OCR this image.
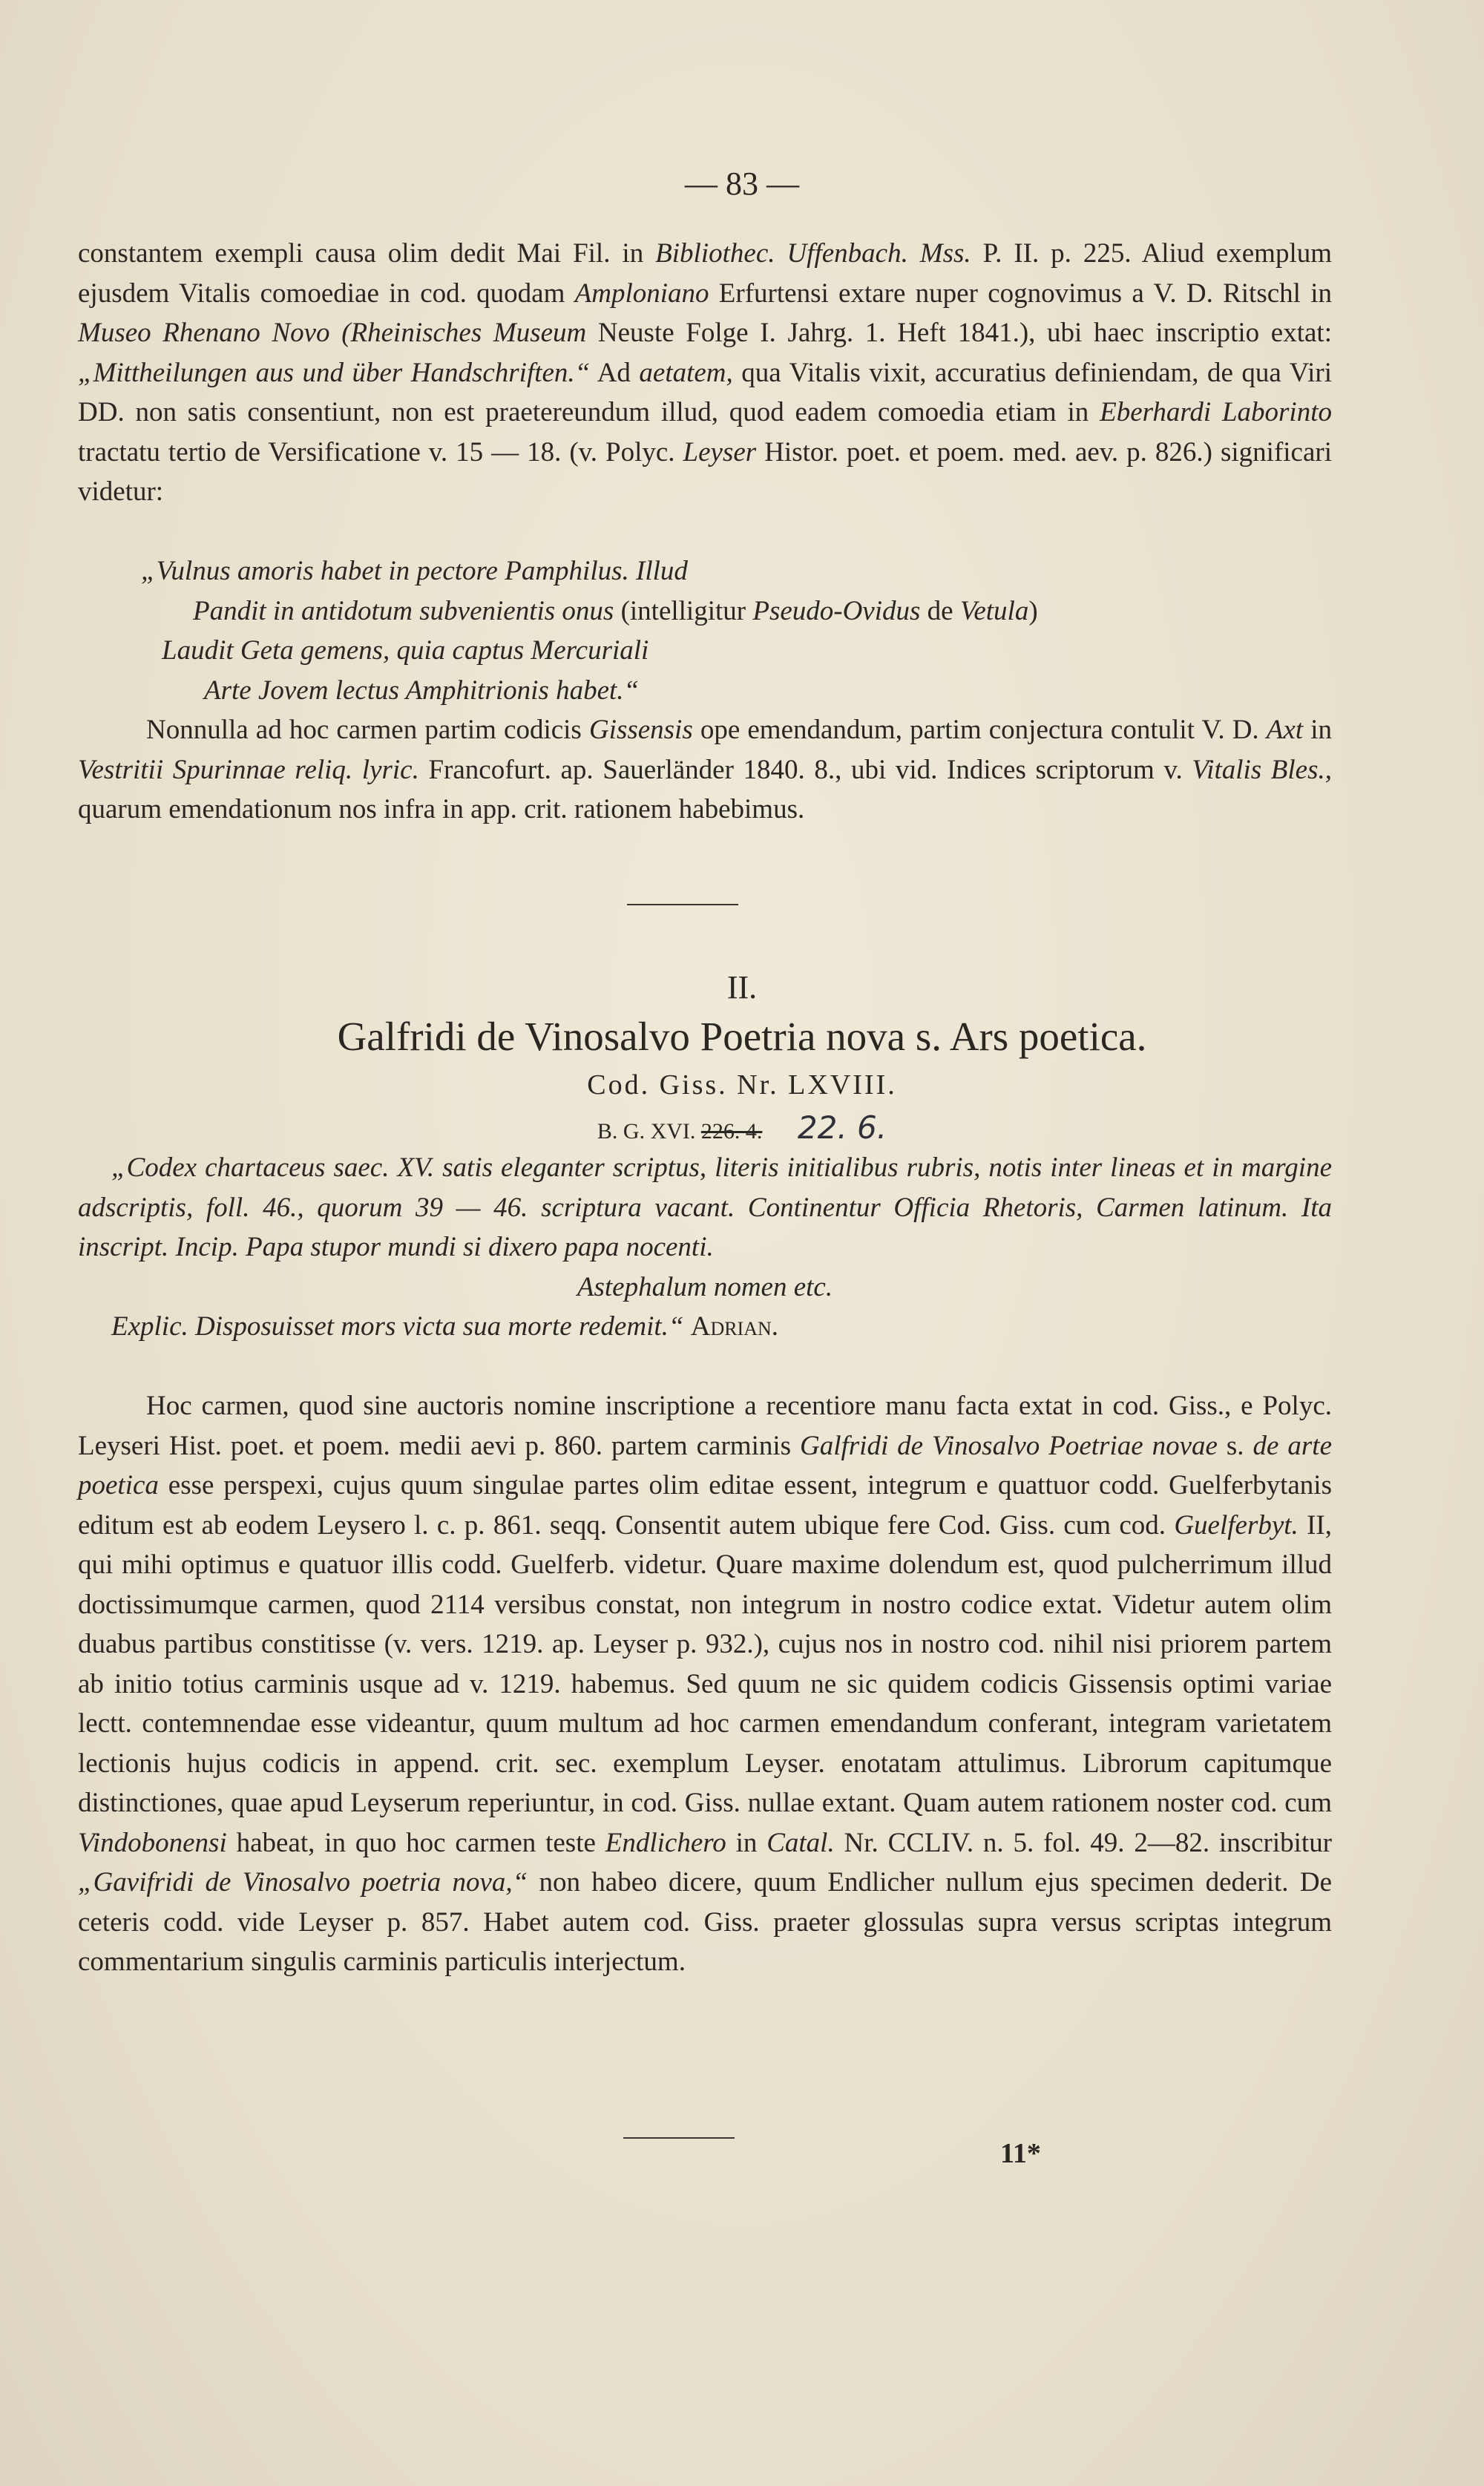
— 83 —

constantem exempli causa olim dedit Mai Fil. in Bibliothec. Uffenbach. Mss. P. II. p. 225. Aliud exemplum ejusdem Vitalis comoediae in cod. quodam Amploniano Erfurtensi extare nuper cognovimus a V. D. Ritschl in Museo Rhenano Novo (Rheinisches Museum Neuste Folge I. Jahrg. 1. Heft 1841.), ubi haec inscriptio extat: „Mittheilungen aus und über Handschriften.“ Ad aetatem, qua Vitalis vixit, accuratius definiendam, de qua Viri DD. non satis consentiunt, non est praetereundum illud, quod eadem comoedia etiam in Eberhardi Laborinto tractatu tertio de Versificatione v. 15 — 18. (v. Polyc. Leyser Histor. poet. et poem. med. aev. p. 826.) significari videtur:

„Vulnus amoris habet in pectore Pamphilus. Illud

Pandit in antidotum subvenientis onus (intelligitur Pseudo-Ovidus de Vetula)

Laudit Geta gemens, quia captus Mercuriali

Arte Jovem lectus Amphitrionis habet.“

Nonnulla ad hoc carmen partim codicis Gissensis ope emendandum, partim conjectura contulit V. D. Axt in Vestritii Spurinnae reliq. lyric. Francofurt. ap. Sauerländer 1840. 8., ubi vid. Indices scriptorum v. Vitalis Bles., quarum emendationum nos infra in app. crit. rationem habebimus.

II.
Galfridi de Vinosalvo Poetria nova s. Ars poetica.
Cod. Giss. Nr. LXVIII.
B. G. XVI. 226. 4. 22. 6.

„Codex chartaceus saec. XV. satis eleganter scriptus, literis initialibus rubris, notis inter lineas et in margine adscriptis, foll. 46., quorum 39 — 46. scriptura vacant. Continentur Officia Rhetoris, Carmen latinum. Ita inscript. Incip. Papa stupor mundi si dixero papa nocenti.

Astephalum nomen etc.

Explic. Disposuisset mors victa sua morte redemit.“ Adrian.

Hoc carmen, quod sine auctoris nomine inscriptione a recentiore manu facta extat in cod. Giss., e Polyc. Leyseri Hist. poet. et poem. medii aevi p. 860. partem carminis Galfridi de Vinosalvo Poetriae novae s. de arte poetica esse perspexi, cujus quum singulae partes olim editae essent, integrum e quattuor codd. Guelferbytanis editum est ab eodem Leysero l. c. p. 861. seqq. Consentit autem ubique fere Cod. Giss. cum cod. Guelferbyt. II, qui mihi optimus e quatuor illis codd. Guelferb. videtur. Quare maxime dolendum est, quod pulcherrimum illud doctissimumque carmen, quod 2114 versibus constat, non integrum in nostro codice extat. Videtur autem olim duabus partibus constitisse (v. vers. 1219. ap. Leyser p. 932.), cujus nos in nostro cod. nihil nisi priorem partem ab initio totius carminis usque ad v. 1219. habemus. Sed quum ne sic quidem codicis Gissensis optimi variae lectt. contemnendae esse videantur, quum multum ad hoc carmen emendandum conferant, integram varietatem lectionis hujus codicis in append. crit. sec. exemplum Leyser. enotatam attulimus. Librorum capitumque distinctiones, quae apud Leyserum reperiuntur, in cod. Giss. nullae extant. Quam autem rationem noster cod. cum Vindobonensi habeat, in quo hoc carmen teste Endlichero in Catal. Nr. CCLIV. n. 5. fol. 49. 2—82. inscribitur „Gavifridi de Vinosalvo poetria nova,“ non habeo dicere, quum Endlicher nullum ejus specimen dederit. De ceteris codd. vide Leyser p. 857. Habet autem cod. Giss. praeter glossulas supra versus scriptas integrum commentarium singulis carminis particulis interjectum.

11*
